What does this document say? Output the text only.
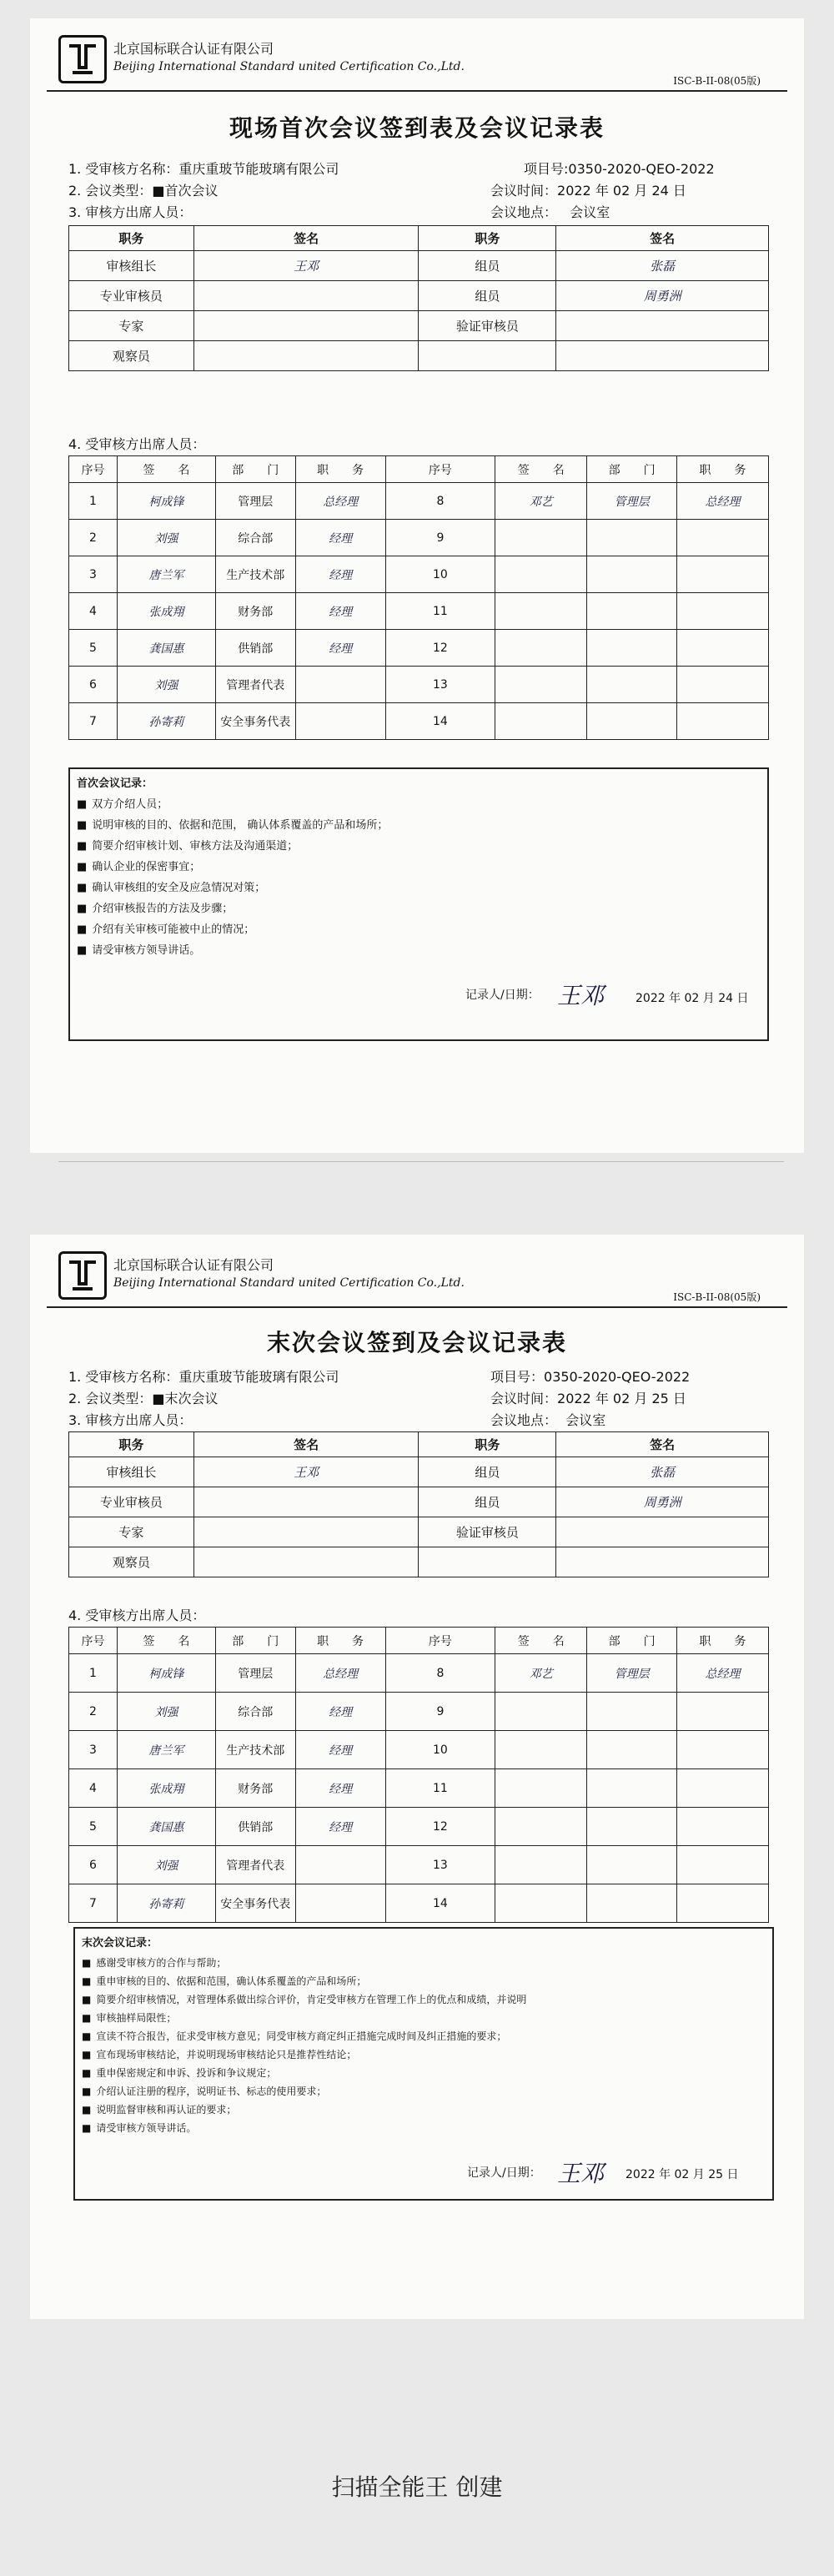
北京国标联合认证有限公司
Beijing International Standard united Certification Co.,Ltd.
ISC-B-II-08(05版)
现场首次会议签到表及会议记录表
1. 受审核方名称：重庆重玻节能玻璃有限公司	项目号:0350-2020-QEO-2022
2. 会议类型：■首次会议	会议时间：2022 年 02 月 24 日
3. 审核方出席人员：	会议地点： 会议室
职务	签名	职务	签名
审核组长	王邓	组员	张磊
专业审核员		组员	周勇洲
专家		验证审核员	
观察员			
4. 受审核方出席人员：
序号	签　　名	部　　门	职　　务	序号	签　　名	部　　门	职　　务
1	柯成锋	管理层	总经理	8	邓艺	管理层	总经理
2	刘强	综合部	经理	9			
3	唐兰军	生产技术部	经理	10			
4	张成翔	财务部	经理	11			
5	龚国惠	供销部	经理	12			
6	刘强	管理者代表		13			
7	孙寄莉	安全事务代表		14			
首次会议记录：
■ 双方介绍人员；
■ 说明审核的目的、依据和范围， 确认体系覆盖的产品和场所；
■ 简要介绍审核计划、审核方法及沟通渠道；
■ 确认企业的保密事宜；
■ 确认审核组的安全及应急情况对策；
■ 介绍审核报告的方法及步骤；
■ 介绍有关审核可能被中止的情况；
■ 请受审核方领导讲话。
记录人/日期： 王邓	2022 年 02 月 24 日
北京国标联合认证有限公司
Beijing International Standard united Certification Co.,Ltd.
ISC-B-II-08(05版)
末次会议签到及会议记录表
1. 受审核方名称：重庆重玻节能玻璃有限公司	项目号：0350-2020-QEO-2022
2. 会议类型：■末次会议	会议时间：2022 年 02 月 25 日
3. 审核方出席人员：	会议地点： 会议室
职务	签名	职务	签名
审核组长	王邓	组员	张磊
专业审核员		组员	周勇洲
专家		验证审核员	
观察员			
4. 受审核方出席人员：
序号	签　　名	部　　门	职　　务	序号	签　　名	部　　门	职　　务
1	柯成锋	管理层	总经理	8	邓艺	管理层	总经理
2	刘强	综合部	经理	9			
3	唐兰军	生产技术部	经理	10			
4	张成翔	财务部	经理	11			
5	龚国惠	供销部	经理	12			
6	刘强	管理者代表		13			
7	孙寄莉	安全事务代表		14			
末次会议记录：
■ 感谢受审核方的合作与帮助；
■ 重申审核的目的、依据和范围，确认体系覆盖的产品和场所；
■ 简要介绍审核情况，对管理体系做出综合评价，肯定受审核方在管理工作上的优点和成绩，并说明
■ 审核抽样局限性；
■ 宣读不符合报告，征求受审核方意见；同受审核方商定纠正措施完成时间及纠正措施的要求；
■ 宣布现场审核结论，并说明现场审核结论只是推荐性结论；
■ 重申保密规定和申诉、投诉和争议规定；
■ 介绍认证注册的程序，说明证书、标志的使用要求；
■ 说明监督审核和再认证的要求；
■ 请受审核方领导讲话。
记录人/日期： 王邓 2022 年 02 月 25 日
扫描全能王 创建
